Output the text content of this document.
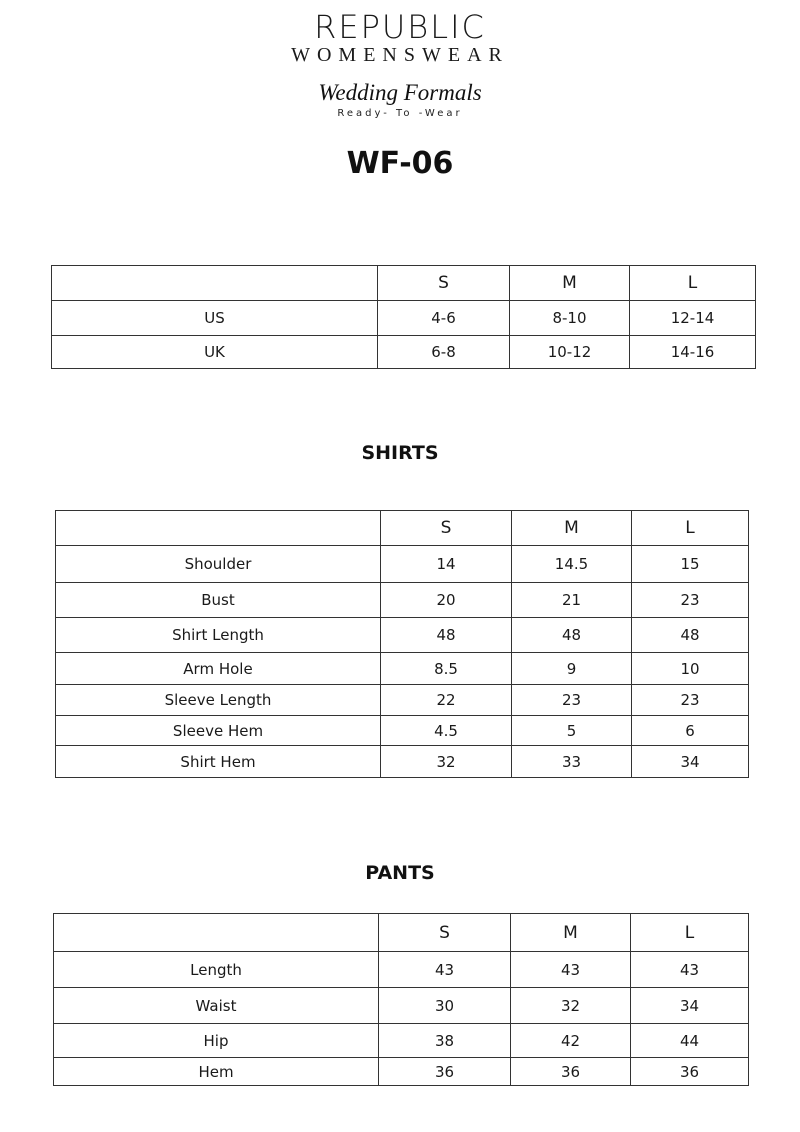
REPUBLIC
WOMENSWEAR
Wedding Formals
Ready- To -Wear
WF-06
	S	M	L
US	4-6	8-10	12-14
UK	6-8	10-12	14-16
SHIRTS
	S	M	L
Shoulder	14	14.5	15
Bust	20	21	23
Shirt Length	48	48	48
Arm Hole	8.5	9	10
Sleeve Length	22	23	23
Sleeve Hem	4.5	5	6
Shirt Hem	32	33	34
PANTS
	S	M	L
Length	43	43	43
Waist	30	32	34
Hip	38	42	44
Hem	36	36	36
